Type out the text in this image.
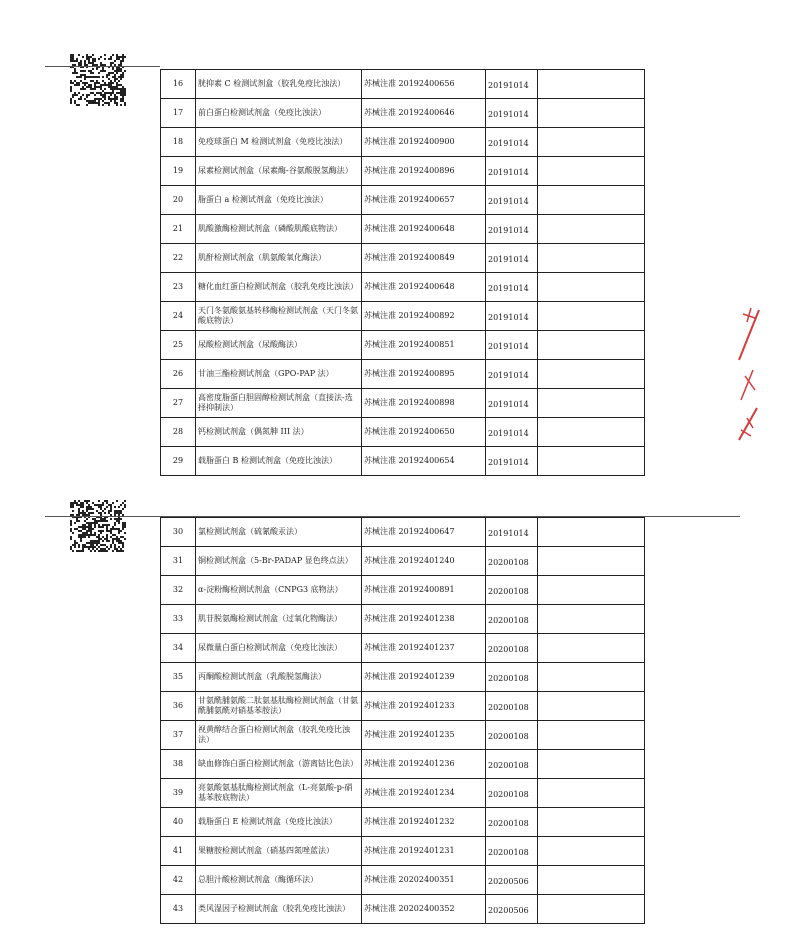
16	胱抑素 C 检测试剂盒（胶乳免疫比浊法）	苏械注准 20192400656	20191014	
17	前白蛋白检测试剂盒（免疫比浊法）	苏械注准 20192400646	20191014	
18	免疫球蛋白 M 检测试剂盒（免疫比浊法）	苏械注准 20192400900	20191014	
19	尿素检测试剂盒（尿素酶-谷氨酸脱氢酶法）	苏械注准 20192400896	20191014	
20	脂蛋白 a 检测试剂盒（免疫比浊法）	苏械注准 20192400657	20191014	
21	肌酸激酶检测试剂盒（磷酸肌酸底物法）	苏械注准 20192400648	20191014	
22	肌酐检测试剂盒（肌氨酸氧化酶法）	苏械注准 20192400849	20191014	
23	糖化血红蛋白检测试剂盒（胶乳免疫比浊法）	苏械注准 20192400648	20191014	
24	天门冬氨酸氨基转移酶检测试剂盒（天门冬氨酸底物法）	苏械注准 20192400892	20191014	
25	尿酸检测试剂盒（尿酸酶法）	苏械注准 20192400851	20191014	
26	甘油三酯检测试剂盒（GPO-PAP 法）	苏械注准 20192400895	20191014	
27	高密度脂蛋白胆固醇检测试剂盒（直接法-选择抑制法）	苏械注准 20192400898	20191014	
28	钙检测试剂盒（偶氮胂 III 法）	苏械注准 20192400650	20191014	
29	载脂蛋白 B 检测试剂盒（免疫比浊法）	苏械注准 20192400654	20191014	
30	氯检测试剂盒（硫氰酸汞法）	苏械注准 20192400647	20191014	
31	铜检测试剂盒（5-Br-PADAP 显色终点法）	苏械注准 20192401240	20200108	
32	α-淀粉酶检测试剂盒（CNPG3 底物法）	苏械注准 20192400891	20200108	
33	肌苷脱氨酶检测试剂盒（过氧化物酶法）	苏械注准 20192401238	20200108	
34	尿微量白蛋白检测试剂盒（免疫比浊法）	苏械注准 20192401237	20200108	
35	丙酮酸检测试剂盒（乳酸脱氢酶法）	苏械注准 20192401239	20200108	
36	甘氨酰脯氨酸二肽氨基肽酶检测试剂盒（甘氨酰脯氨酰对硝基苯胺法）	苏械注准 20192401233	20200108	
37	视黄醇结合蛋白检测试剂盒（胶乳免疫比浊法）	苏械注准 20192401235	20200108	
38	缺血修饰白蛋白检测试剂盒（游离钴比色法）	苏械注准 20192401236	20200108	
39	亮氨酸氨基肽酶检测试剂盒（L-亮氨酸-p-硝基苯胺底物法）	苏械注准 20192401234	20200108	
40	载脂蛋白 E 检测试剂盒（免疫比浊法）	苏械注准 20192401232	20200108	
41	果糖胺检测试剂盒（硝基四氮唑蓝法）	苏械注准 20192401231	20200108	
42	总胆汁酸检测试剂盒（酶循环法）	苏械注准 20202400351	20200506	
43	类风湿因子检测试剂盒（胶乳免疫比浊法）	苏械注准 20202400352	20200506	
